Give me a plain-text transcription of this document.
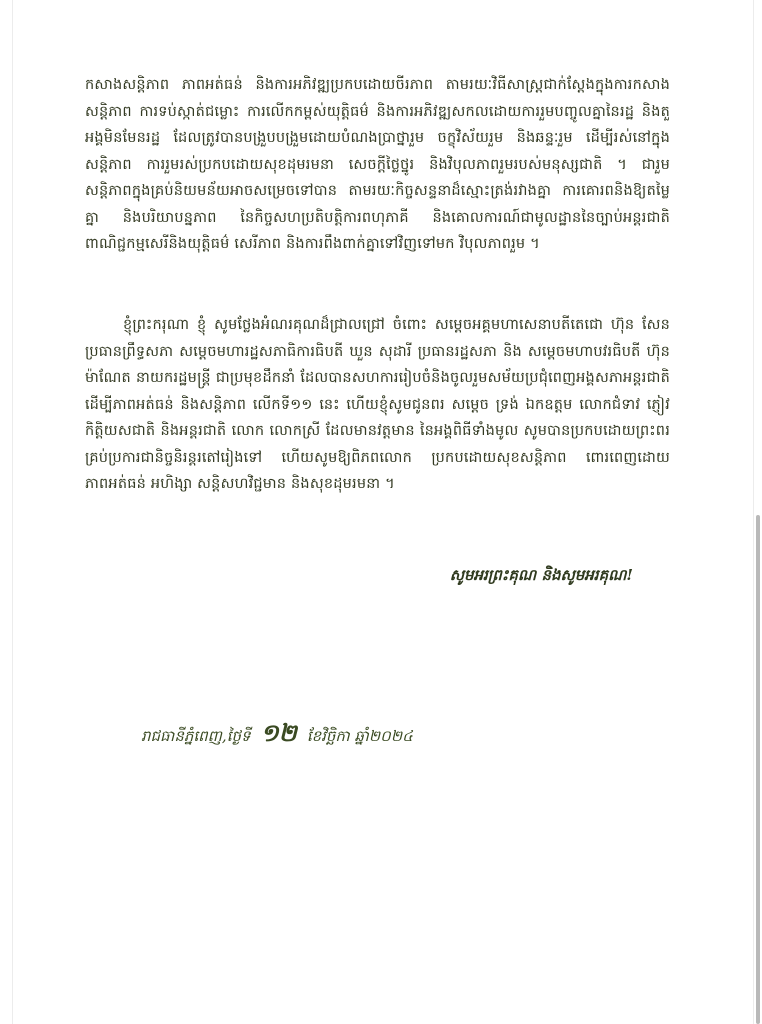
កសាងសន្តិភាព ភាពអត់ធន់ និងការអភិវឌ្ឍប្រកបដោយចីរភាព តាមរយៈវិធីសាស្ត្រជាក់ស្តែងក្នុងការកសាងសន្តិភាព ការទប់ស្កាត់ជម្លោះ ការលើកកម្ពស់យុត្តិធម៌ និងការអភិវឌ្ឍសកលដោយការរួមបញ្ចូលគ្នានៃរដ្ឋ និងតួអង្គមិនមែនរដ្ឋ ដែលត្រូវបានបង្រួបបង្រួមដោយបំណងប្រាថ្នារួម ចក្ខុវិស័យរួម និងឆន្ទៈរួម ដើម្បីរស់នៅក្នុងសន្តិភាព ការរួមរស់ប្រកបដោយសុខដុមរមនា សេចក្តីថ្លៃថ្នូរ និងវិបុលភាពរួមរបស់មនុស្សជាតិ ។ ជារួម សន្តិភាពក្នុងគ្រប់និយមន័យអាចសម្រេចទៅបាន តាមរយៈកិច្ចសន្ទនាដ៏ស្មោះត្រង់រវាងគ្នា ការគោរពនិងឱ្យតម្លៃគ្នា និងបរិយាបន្នភាព នៃកិច្ចសហប្រតិបត្តិការពហុភាគី និងគោលការណ៍ជាមូលដ្ឋាននៃច្បាប់អន្តរជាតិ ពាណិជ្ជកម្មសេរីនិងយុត្តិធម៌ សេរីភាព និងការពឹងពាក់គ្នាទៅវិញទៅមក វិបុលភាពរួម ។
ខ្ញុំព្រះករុណា ខ្ញុំ សូមថ្លែងអំណរគុណដ៏ជ្រាលជ្រៅ ចំពោះ សម្តេចអគ្គមហាសេនាបតីតេជោ ហ៊ុន សែន ប្រធានព្រឹទ្ធសភា សម្តេចមហារដ្ឋសភាធិការធិបតី ឃួន សុដារី ប្រធានរដ្ឋសភា និង សម្តេចមហាបវរធិបតី ហ៊ុន ម៉ាណែត នាយករដ្ឋមន្ត្រី ជាប្រមុខដឹកនាំ ដែលបានសហការរៀបចំនិងចូលរួមសម័យប្រជុំពេញអង្គសភាអន្តរជាតិដើម្បីភាពអត់ធន់ និងសន្តិភាព លើកទី១១ នេះ ហើយខ្ញុំសូមជូនពរ សម្តេច ទ្រង់ ឯកឧត្តម លោកជំទាវ ភ្ញៀវកិត្តិយសជាតិ និងអន្តរជាតិ លោក លោកស្រី ដែលមានវត្តមាន នៃអង្គពិធីទាំងមូល សូមបានប្រកបដោយព្រះពរគ្រប់ប្រការជានិច្ចនិរន្តរតៅរៀងទៅ ហើយសូមឱ្យពិភពលោក ប្រកបដោយសុខសន្តិភាព ពោរពេញដោយភាពអត់ធន់ អហិង្សា សន្តិសហវិជ្ជមាន និងសុខដុមរមនា ។
សូមអរព្រះគុណ និងសូមអរគុណ!
រាជធានីភ្នំពេញ,ថ្ងៃទី ១២ ខែវិច្ឆិកា ឆ្នាំ២០២៤
